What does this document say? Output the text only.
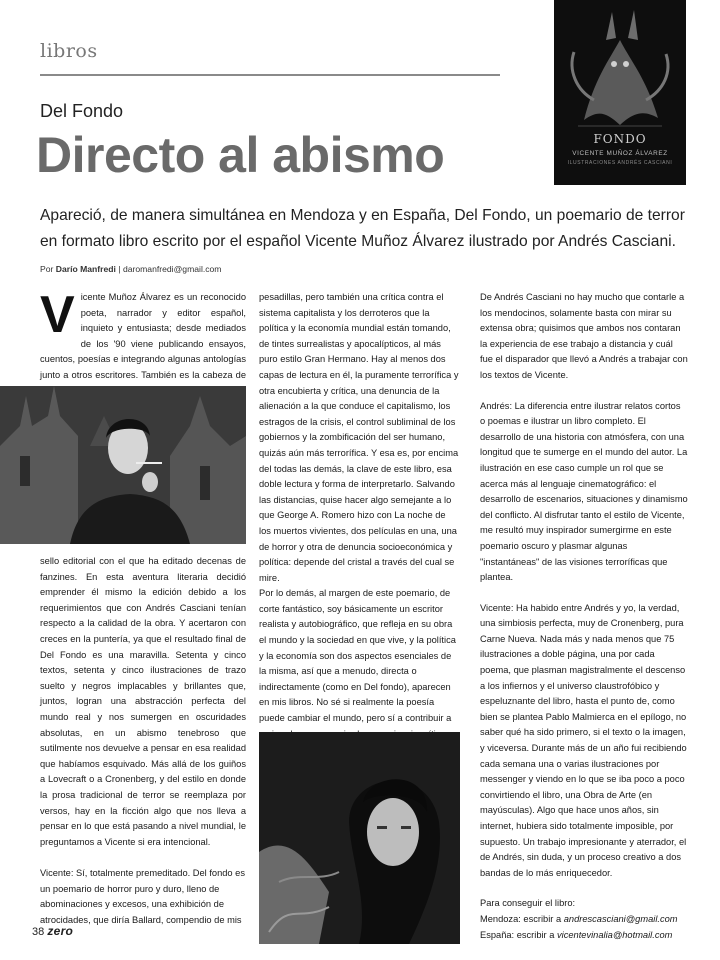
libros
Del Fondo
Directo al abismo	FONDO
VICENTE MUÑOZ ÁLVAREZ
ILUSTRACIONES ANDRÉS CASCIANI
Apareció, de manera simultánea en Mendoza y en España, Del Fondo, un poemario de terror en formato libro escrito por el español Vicente Muñoz Álvarez ilustrado por Andrés Casciani.
Por Darío Manfredi | daromanfredi@gmail.com
V icente Muñoz Álvarez es un reconocido poeta, narrador y editor español, inquieto y entusiasta; desde mediados de los '90 viene publicando ensayos, cuentos, poesías e integrando algunas antologías junto a otros escritores. También es la cabeza de

sello editorial con el que ha editado decenas de fanzines. En esta aventura literaria decidió emprender él mismo la edición debido a los requerimientos que con Andrés Casciani tenían respecto a la calidad de la obra. Y acertaron con creces en la puntería, ya que el resultado final de Del Fondo es una maravilla. Setenta y cinco textos, setenta y cinco ilustraciones de trazo suelto y negros implacables y brillantes que, juntos, logran una abstracción perfecta del mundo real y nos sumergen en oscuridades absolutas, en un abismo tenebroso que sutilmente nos devuelve a pensar en esa realidad que habíamos esquivado. Más allá de los guiños a Lovecraft o a Cronenberg, y del estilo en donde la prosa tradicional de terror se reemplaza por versos, hay en la ficción algo que nos lleva a pensar en lo que está pasando a nivel mundial, le preguntamos a Vicente si era intencional.

Vicente: Sí, totalmente premeditado. Del fondo es un poemario de horror puro y duro, lleno de abominaciones y excesos, una exhibición de atrocidades, que diría Ballard, compendio de mis

pesadillas, pero también una crítica contra el sistema capitalista y los derroteros que la política y la economía mundial están tomando, de tintes surrealistas y apocalípticos, al más puro estilo Gran Hermano. Hay al menos dos capas de lectura en él, la puramente terrorífica y otra encubierta y crítica, una denuncia de la alienación a la que conduce el capitalismo, los estragos de la crisis, el control subliminal de los gobiernos y la zombificación del ser humano, quizás aún más terrorífica. Y esa es, por encima del todas las demás, la clave de este libro, esa doble lectura y forma de interpretarlo. Salvando las distancias, quise hacer algo semejante a lo que George A. Romero hizo con La noche de los muertos vivientes, dos películas en una, una de horror y otra de denuncia socioeconómica y política: depende del cristal a través del cual se mire.

Por lo demás, al margen de este poemario, de corte fantástico, soy básicamente un escritor realista y autobiográfico, que refleja en su obra el mundo y la sociedad en que vive, y la política y la economía son dos aspectos esenciales de la misma, así que a menudo, directa o indirectamente (como en Del fondo), aparecen en mis libros. No sé si realmente la poesía puede cambiar el mundo, pero sí a contribuir a

De Andrés Casciani no hay mucho que contarle a los mendocinos, solamente basta con mirar su extensa obra; quisimos que ambos nos contaran la experiencia de ese trabajo a distancia y cuál fue el disparador que llevó a Andrés a trabajar con los textos de Vicente.

Andrés: La diferencia entre ilustrar relatos cortos o poemas e ilustrar un libro completo. El desarrollo de una historia con atmósfera, con una longitud que te sumerge en el mundo del autor. La ilustración en ese caso cumple un rol que se acerca más al lenguaje cinematográfico: el desarrollo de escenarios, situaciones y dinamismo del conflicto. Al disfrutar tanto el estilo de Vicente, me resultó muy inspirador sumergirme en este poemario oscuro y plasmar algunas "instantáneas" de las visiones terroríficas que plantea.

Vicente: Ha habido entre Andrés y yo, la verdad, una simbiosis perfecta, muy de Cronenberg, pura Carne Nueva. Nada más y nada menos que 75 ilustraciones a doble página, una por cada poema, que plasman magistralmente el descenso a los infiernos y el universo claustrofóbico y espeluznante del libro, hasta el punto de, como bien se plantea Pablo Malmierca en el epílogo, no saber qué ha sido primero, si el texto o la imagen, y viceversa. Durante más de un año fui recibiendo cada semana una o varias ilustraciones por messenger y viendo en lo que se iba poco a poco convirtiendo el libro, una Obra de Arte (en mayúsculas). Algo que hace unos años, sin internet, hubiera sido totalmente imposible, por supuesto. Un trabajo impresionante y aterrador, el de Andrés, sin duda, y un proceso creativo a dos bandas de lo más enriquecedor.

Para conseguir el libro:

Mendoza: escribir a andrescasciani@gmail.com

España: escribir a vicentevinalia@hotmail.com

38 zero
